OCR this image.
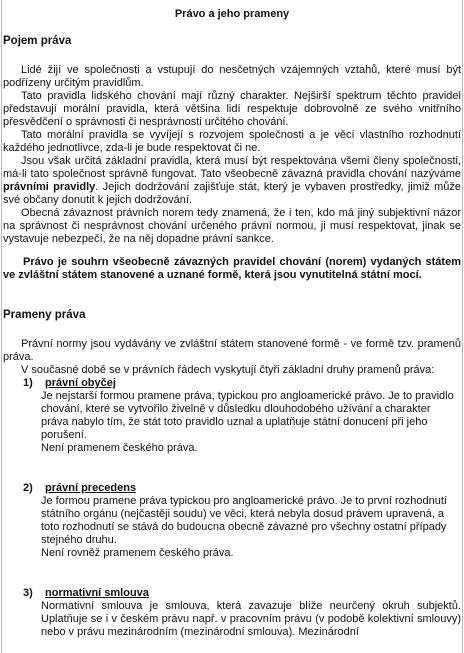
Právo a jeho prameny
Pojem práva

Lidé žijí ve společnosti a vstupují do nesčetných vzájemných vztahů, které musí být podřízeny určitým pravidlům.

Tato pravidla lidského chování mají různý charakter. Nejširší spektrum těchto pravidel představují morální pravidla, která většina lidí respektuje dobrovolně ze svého vnitřního přesvědčení o správnosti či nesprávnosti určitého chování.

Tato morální pravidla se vyvíjejí s rozvojem společnosti a je věcí vlastního rozhodnutí každého jednotlivce, zda-li je bude respektovat či ne.

Jsou však určitá základní pravidla, která musí být respektována všemi členy společnosti, má-li tato společnost správně fungovat. Tato všeobecně závazná pravidla chování nazýváme právními pravidly. Jejich dodržování zajišťuje stát, který je vybaven prostředky, jimiž může své občany donutit k jejich dodržování.

Obecná závaznost právních norem tedy znamená, že i ten, kdo má jiný subjektivní názor na správnost či nesprávnost chování určeného právní normou, ji musí respektovat, jinak se vystavuje nebezpečí, že na něj dopadne právní sankce.

Právo je souhrn všeobecně závazných pravidel chování (norem) vydaných státem ve zvláštní státem stanovené a uznané formě, která jsou vynutitelná státní mocí.

Prameny práva

Právní normy jsou vydávány ve zvláštní státem stanovené formě - ve formě tzv. pramenů práva.

V současné době se v právních řádech vyskytují čtyři základní druhy pramenů práva:

1) právní obyčej

Je nejstarší formou pramene práva, typickou pro angloamerické právo. Je to pravidlo chování, které se vytvořilo živelně v důsledku dlouhodobého užívání a charakter práva nabylo tím, že stát toto pravidlo uznal a uplatňuje státní donucení při jeho porušení.

Není pramenem českého práva.

2) právní precedens

Je formou pramene práva typickou pro angloamerické právo. Je to první rozhodnutí státního orgánu (nejčastěji soudu) ve věci, která nebyla dosud právem upravená, a toto rozhodnutí se stává do budoucna obecně závazné pro všechny ostatní případy stejného druhu.

Není rovněž pramenem českého práva.

3) normativní smlouva

Normativní smlouva je smlouva, která zavazuje blíže neurčený okruh subjektů. Uplatňuje se i v českém právu např. v pracovním právu (v podobě kolektivní smlouvy) nebo v právu mezinárodním (mezinárodní smlouva). Mezinárodní
